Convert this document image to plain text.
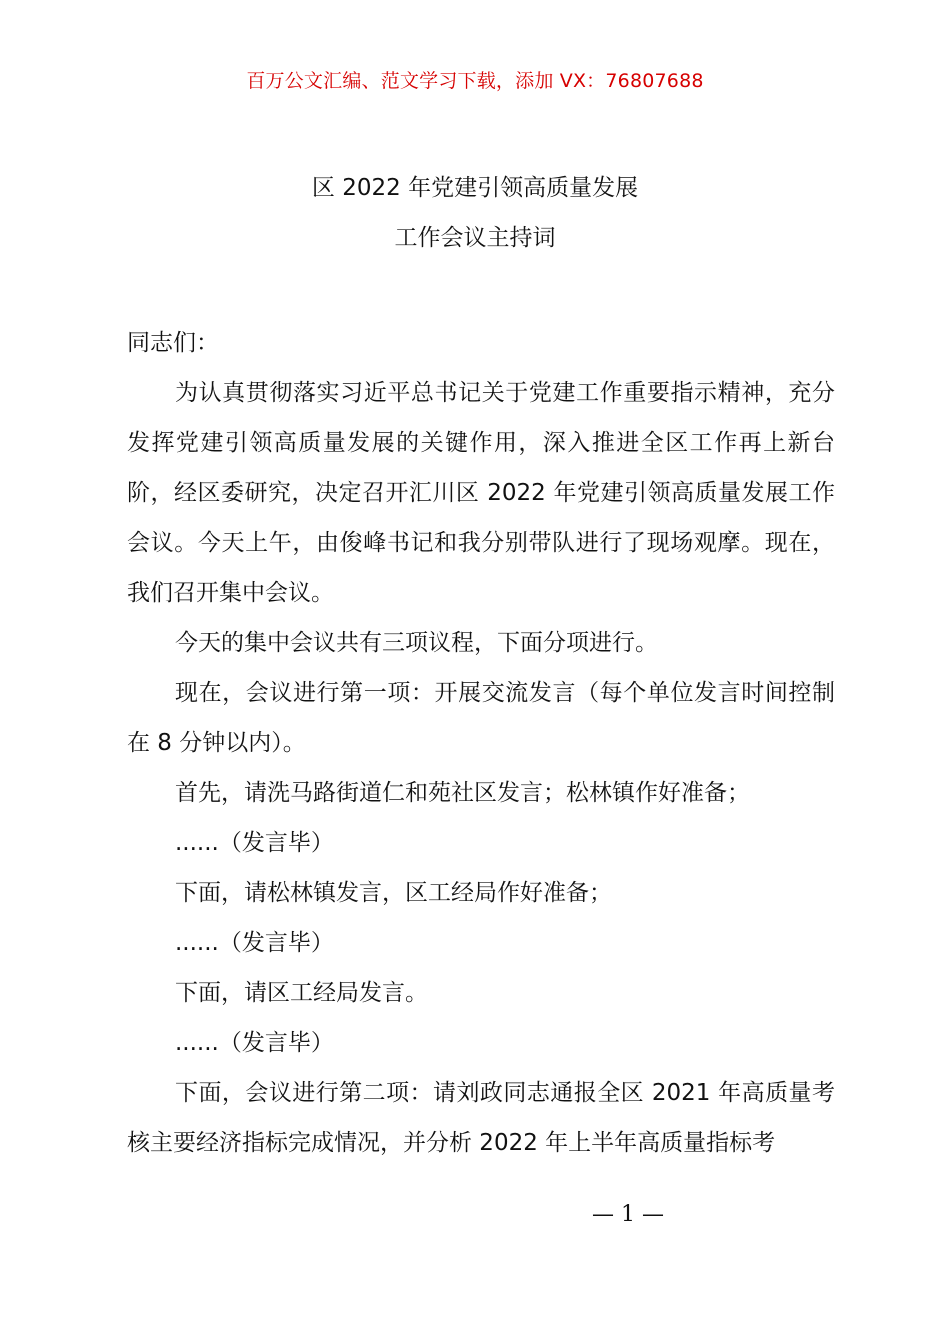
百万公文汇编、范文学习下载，添加 VX：76807688
区 2022 年党建引领高质量发展
工作会议主持词

同志们：

为认真贯彻落实习近平总书记关于党建工作重要指示精神，充分发挥党建引领高质量发展的关键作用，深入推进全区工作再上新台阶，经区委研究，决定召开汇川区 2022 年党建引领高质量发展工作会议。今天上午，由俊峰书记和我分别带队进行了现场观摩。现在，我们召开集中会议。

今天的集中会议共有三项议程，下面分项进行。

现在，会议进行第一项：开展交流发言（每个单位发言时间控制在 8 分钟以内）。

首先，请洗马路街道仁和苑社区发言；松林镇作好准备；

......（发言毕）

下面，请松林镇发言，区工经局作好准备；

......（发言毕）

下面，请区工经局发言。

......（发言毕）

下面，会议进行第二项：请刘政同志通报全区 2021 年高质量考核主要经济指标完成情况，并分析 2022 年上半年高质量指标考

— 1 —
